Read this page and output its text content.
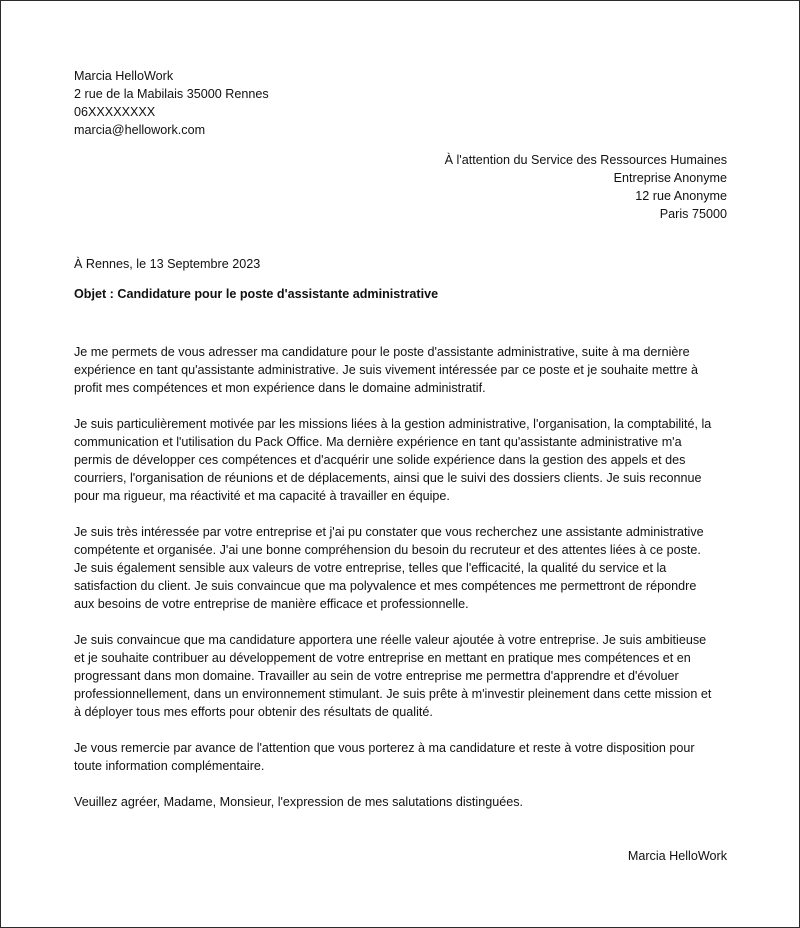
Marcia HelloWork
2 rue de la Mabilais 35000 Rennes
06XXXXXXXX
marcia@hellowork.com
À l'attention du Service des Ressources Humaines
Entreprise Anonyme
12 rue Anonyme
Paris 75000
À Rennes, le 13 Septembre 2023
Objet : Candidature pour le poste d'assistante administrative

Je me permets de vous adresser ma candidature pour le poste d'assistante administrative, suite à ma dernière
expérience en tant qu'assistante administrative. Je suis vivement intéressée par ce poste et je souhaite mettre à
profit mes compétences et mon expérience dans le domaine administratif.

Je suis particulièrement motivée par les missions liées à la gestion administrative, l'organisation, la comptabilité, la
communication et l'utilisation du Pack Office. Ma dernière expérience en tant qu'assistante administrative m'a
permis de développer ces compétences et d'acquérir une solide expérience dans la gestion des appels et des
courriers, l'organisation de réunions et de déplacements, ainsi que le suivi des dossiers clients. Je suis reconnue
pour ma rigueur, ma réactivité et ma capacité à travailler en équipe.

Je suis très intéressée par votre entreprise et j'ai pu constater que vous recherchez une assistante administrative
compétente et organisée. J'ai une bonne compréhension du besoin du recruteur et des attentes liées à ce poste.
Je suis également sensible aux valeurs de votre entreprise, telles que l'efficacité, la qualité du service et la
satisfaction du client. Je suis convaincue que ma polyvalence et mes compétences me permettront de répondre
aux besoins de votre entreprise de manière efficace et professionnelle.

Je suis convaincue que ma candidature apportera une réelle valeur ajoutée à votre entreprise. Je suis ambitieuse
et je souhaite contribuer au développement de votre entreprise en mettant en pratique mes compétences et en
progressant dans mon domaine. Travailler au sein de votre entreprise me permettra d'apprendre et d'évoluer
professionnellement, dans un environnement stimulant. Je suis prête à m'investir pleinement dans cette mission et
à déployer tous mes efforts pour obtenir des résultats de qualité.

Je vous remercie par avance de l'attention que vous porterez à ma candidature et reste à votre disposition pour
toute information complémentaire.

Veuillez agréer, Madame, Monsieur, l'expression de mes salutations distinguées.

Marcia HelloWork
